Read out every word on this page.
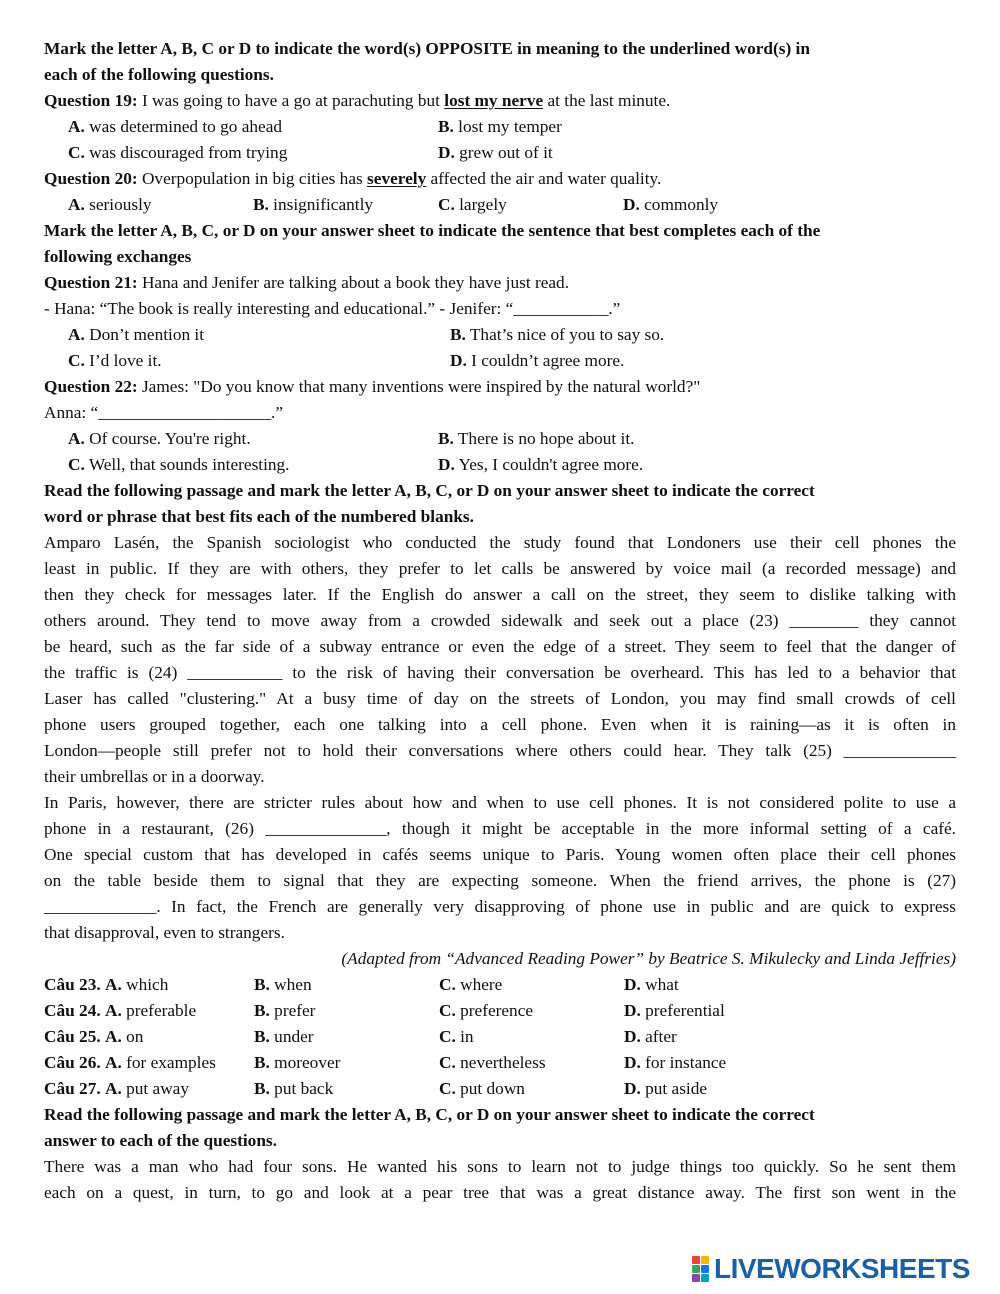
Mark the letter A, B, C or D to indicate the word(s) OPPOSITE in meaning to the underlined word(s) in
each of the following questions.
Question 19: I was going to have a go at parachuting but lost my nerve at the last minute.
A. was determined to go ahead	B. lost my temper
C. was discouraged from trying	D. grew out of it
Question 20: Overpopulation in big cities has severely affected the air and water quality.
A. seriously	B. insignificantly	C. largely	D. commonly
Mark the letter A, B, C, or D on your answer sheet to indicate the sentence that best completes each of the
following exchanges
Question 21: Hana and Jenifer are talking about a book they have just read.
- Hana: “The book is really interesting and educational.” - Jenifer: “___________.”
A. Don’t mention it	B. That’s nice of you to say so.
C. I’d love it.	D. I couldn’t agree more.
Question 22: James: "Do you know that many inventions were inspired by the natural world?"
Anna: “____________________.”
A. Of course. You're right.	B. There is no hope about it.
C. Well, that sounds interesting.	D. Yes, I couldn't agree more.
Read the following passage and mark the letter A, B, C, or D on your answer sheet to indicate the correct
word or phrase that best fits each of the numbered blanks.
Amparo Lasén, the Spanish sociologist who conducted the study found that Londoners use their cell phones the
least in public. If they are with others, they prefer to let calls be answered by voice mail (a recorded message) and
then they check for messages later. If the English do answer a call on the street, they seem to dislike talking with
others around. They tend to move away from a crowded sidewalk and seek out a place (23) ________ they cannot
be heard, such as the far side of a subway entrance or even the edge of a street. They seem to feel that the danger of
the traffic is (24) ___________ to the risk of having their conversation be overheard. This has led to a behavior that
Laser has called "clustering." At a busy time of day on the streets of London, you may find small crowds of cell
phone users grouped together, each one talking into a cell phone. Even when it is raining—as it is often in
London—people still prefer not to hold their conversations where others could hear. They talk (25) _____________
their umbrellas or in a doorway.
In Paris, however, there are stricter rules about how and when to use cell phones. It is not considered polite to use a
phone in a restaurant, (26) ______________, though it might be acceptable in the more informal setting of a café.
One special custom that has developed in cafés seems unique to Paris. Young women often place their cell phones
on the table beside them to signal that they are expecting someone. When the friend arrives, the phone is (27)
_____________. In fact, the French are generally very disapproving of phone use in public and are quick to express
that disapproval, even to strangers.
(Adapted from “Advanced Reading Power” by Beatrice S. Mikulecky and Linda Jeffries)
Câu 23. A. which	B. when	C. where	D. what
Câu 24. A. preferable	B. prefer	C. preference	D. preferential
Câu 25. A. on	B. under	C. in	D. after
Câu 26. A. for examples	B. moreover	C. nevertheless	D. for instance
Câu 27. A. put away	B. put back	C. put down	D. put aside
Read the following passage and mark the letter A, B, C, or D on your answer sheet to indicate the correct
answer to each of the questions.
There was a man who had four sons. He wanted his sons to learn not to judge things too quickly. So he sent them
each on a quest, in turn, to go and look at a pear tree that was a great distance away. The first son went in the
LIVEWORKSHEETS
